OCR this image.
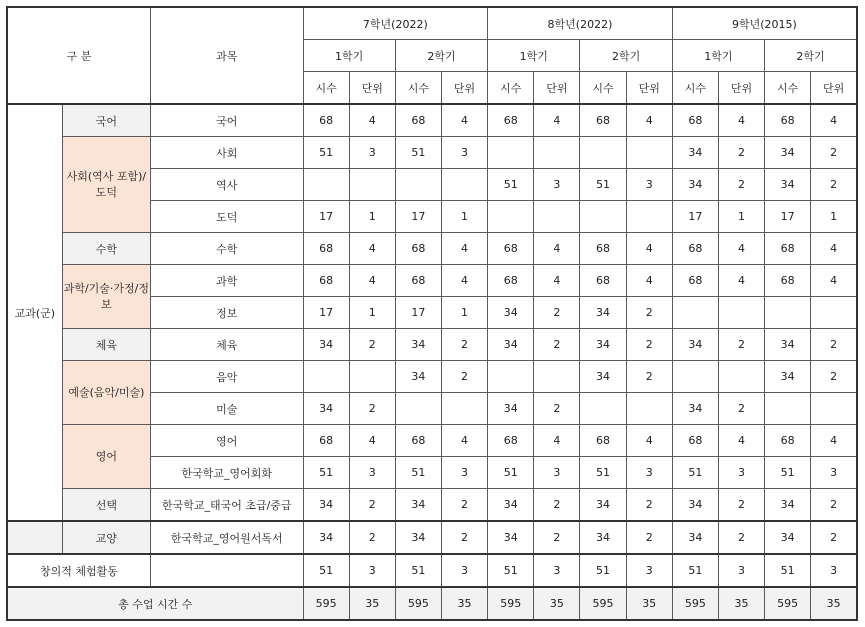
구 분		과목	7학년(2022)				8학년(2022)				9학년(2015)			
			1학기		2학기		1학기		2학기		1학기		2학기	
			시수	단위	시수	단위	시수	단위	시수	단위	시수	단위	시수	단위
교과(군)	국어	국어	68	4	68	4	68	4	68	4	68	4	68	4
	사회(역사 포함)/도덕	사회	51	3	51	3					34	2	34	2
		역사					51	3	51	3	34	2	34	2
		도덕	17	1	17	1					17	1	17	1
	수학	수학	68	4	68	4	68	4	68	4	68	4	68	4
	과학/기술·가정/정보	과학	68	4	68	4	68	4	68	4	68	4	68	4
		정보	17	1	17	1	34	2	34	2				
	체육	체육	34	2	34	2	34	2	34	2	34	2	34	2
	예술(음악/미술)	음악			34	2			34	2			34	2
		미술	34	2			34	2			34	2		
	영어	영어	68	4	68	4	68	4	68	4	68	4	68	4
		한국학교_영어회화	51	3	51	3	51	3	51	3	51	3	51	3
	선택	한국학교_태국어 초급/중급	34	2	34	2	34	2	34	2	34	2	34	2
	교양	한국학교_영어원서독서	34	2	34	2	34	2	34	2	34	2	34	2
창의적 체험활동			51	3	51	3	51	3	51	3	51	3	51	3
총 수업 시간 수			595	35	595	35	595	35	595	35	595	35	595	35
